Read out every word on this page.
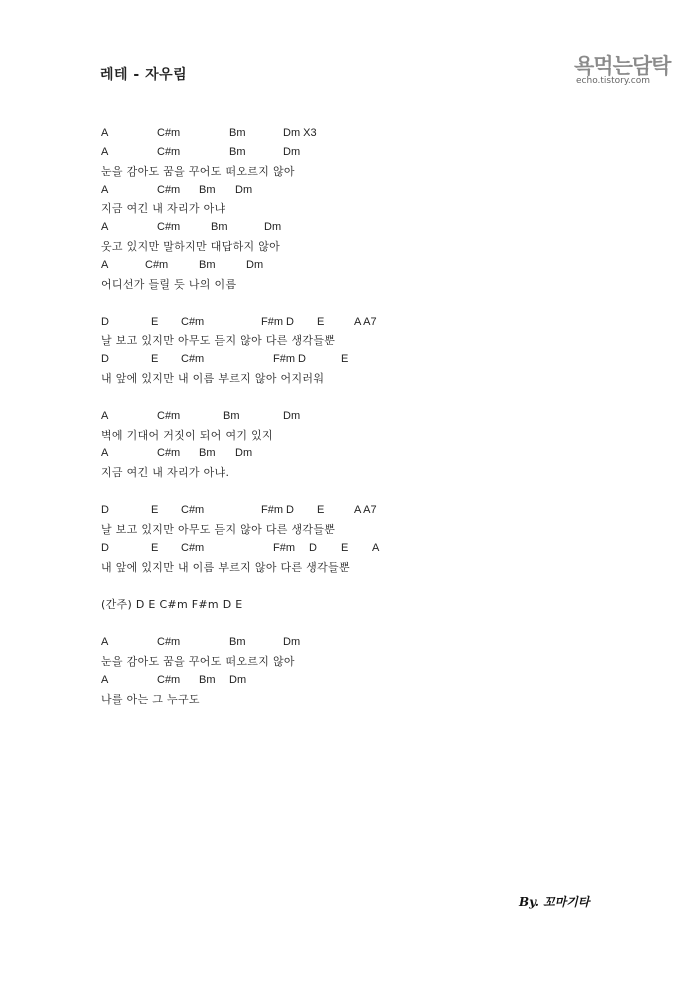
레테 - 자우림	욕먹는담탁
echo.tistory.com
A	C#m	Bm	Dm X3
A	C#m	Bm	Dm
눈을 감아도 꿈을 꾸어도 떠오르지 않아
A	C#m Bm Dm
지금 여긴 내 자리가 아냐
A	C#m	Bm	Dm
웃고 있지만 말하지만 대답하지 않아
A	C#m	Bm	Dm
어디선가 들릴 듯 나의 이름
D	E C#m	F#m D E	A A7
날 보고 있지만 아무도 듣지 않아 다른 생각들뿐
D	E C#m	F#m D	E
내 앞에 있지만 내 이름 부르지 않아 어지러워
A	C#m	Bm	Dm
벽에 기대어 거짓이 되어 여기 있지
A	C#m Bm Dm
지금 여긴 내 자리가 아냐.
D	E C#m	F#m D E	A A7
날 보고 있지만 아무도 듣지 않아 다른 생각들뿐
D	E C#m	F#m D E A
내 앞에 있지만 내 이름 부르지 않아 다른 생각들뿐
(간주) D E C#m F#m D E
A	C#m	Bm	Dm
눈을 감아도 꿈을 꾸어도 떠오르지 않아
A	C#m Bm Dm
나를 아는 그 누구도
By. 꼬마기타
